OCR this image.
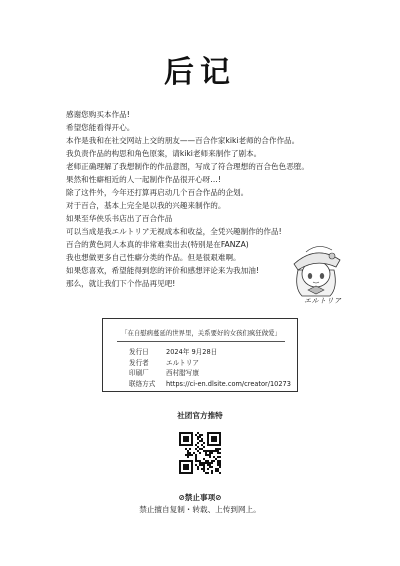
后记
感谢您购买本作品!
希望您能看得开心。
本作是我和在社交网站上交的朋友——百合作家kiki老师的合作作品。
我负责作品的构思和角色原案，请kiki老师来制作了剧本。
老师正确理解了我想制作的作品意图，写成了符合理想的百合色色恶堕。
果然和性癖相近的人一起制作作品很开心呀…!
除了这件外，今年还打算再启动几个百合作品的企划。
对于百合，基本上完全是以我的兴趣来制作的。
如果至华侠乐书店出了百合作品
可以当成是我エルトリア无视成本和收益，全凭兴趣制作的作品!
百合的黄色同人本真的非常难卖出去(特别是在FANZA)
我也想做更多自己性癖分类的作品。但是很艰难啊。
如果您喜欢，希望能得到您的评价和感想评论来为我加油!
那么，就让我们下个作品再见吧!
エルトリア
「在自慰病蔓延的世界里，关系要好的女孩们疯狂做爱」
发行日	2024年 9月28日
发行者	エルトリア
印刷厂	西村腊写康
联络方式	https://ci-en.dlsite.com/creator/10273
社团官方推特
⊘禁止事项⊘
禁止擅自复制・转载、上传到网上。
